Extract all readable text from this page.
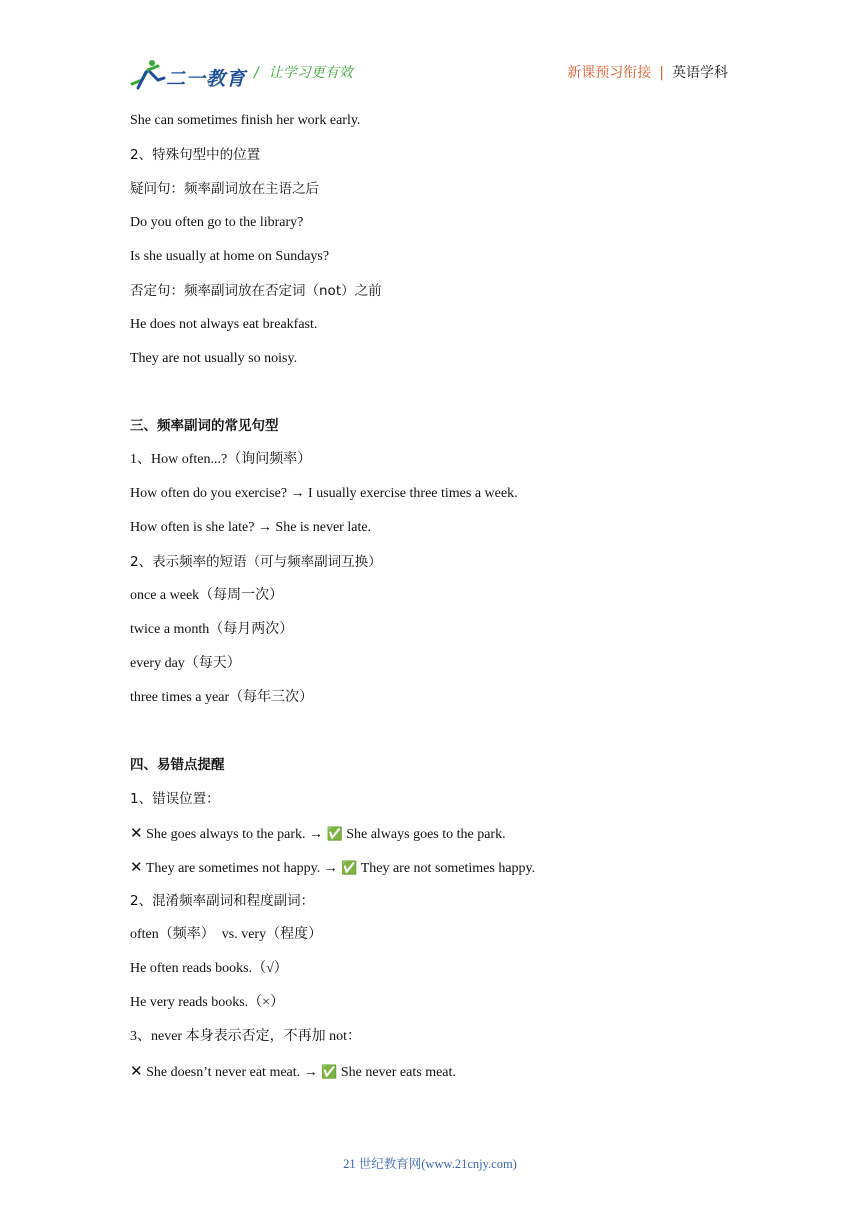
二一教育 / 让学习更有效	新课预习衔接 | 英语学科
She can sometimes finish her work early.
2、特殊句型中的位置
疑问句：频率副词放在主语之后
Do you often go to the library?
Is she usually at home on Sundays?
否定句：频率副词放在否定词（not）之前
He does not always eat breakfast.
They are not usually so noisy.
三、频率副词的常见句型
1、How often...?（询问频率）
How often do you exercise? → I usually exercise three times a week.
How often is she late? → She is never late.
2、表示频率的短语（可与频率副词互换）
once a week（每周一次）
twice a month（每月两次）
every day（每天）
three times a year（每年三次）
四、易错点提醒
1、错误位置：
✕ She goes always to the park. → ✅ She always goes to the park.
✕ They are sometimes not happy. → ✅ They are not sometimes happy.
2、混淆频率副词和程度副词：
often（频率）　vs. very（程度）
He often reads books.（√）
He very reads books.（×）
3、never 本身表示否定，不再加 not：
✕ She doesn’t never eat meat. → ✅ She never eats meat.
21 世纪教育网(www.21cnjy.com)
